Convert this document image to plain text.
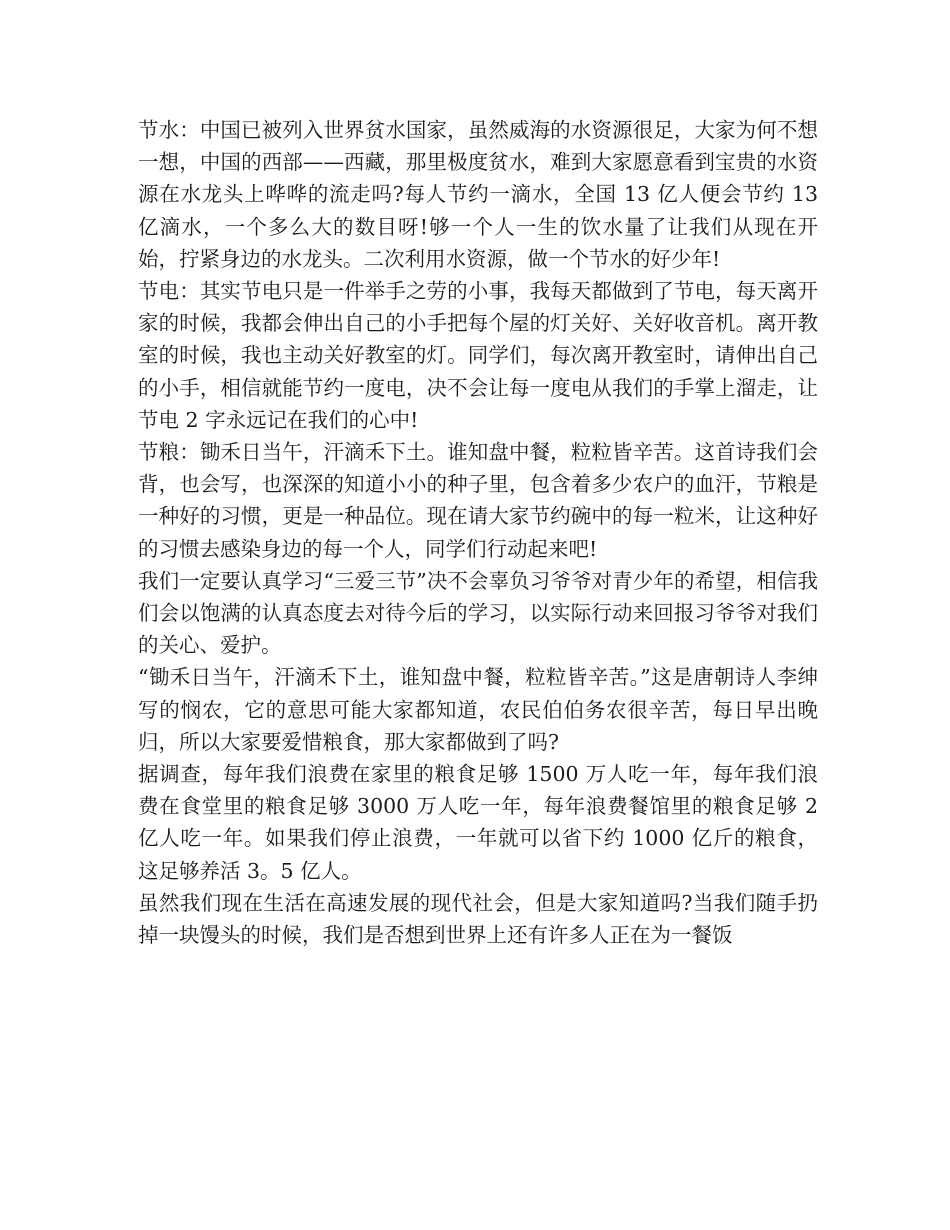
节水：中国已被列入世界贫水国家，虽然威海的水资源很足，大家为何不想一想，中国的西部——西藏，那里极度贫水，难到大家愿意看到宝贵的水资源在水龙头上哗哗的流走吗?每人节约一滴水，全国 13 亿人便会节约 13 亿滴水，一个多么大的数目呀!够一个人一生的饮水量了让我们从现在开始，拧紧身边的水龙头。二次利用水资源，做一个节水的好少年!

节电：其实节电只是一件举手之劳的小事，我每天都做到了节电，每天离开家的时候，我都会伸出自己的小手把每个屋的灯关好、关好收音机。离开教室的时候，我也主动关好教室的灯。同学们，每次离开教室时，请伸出自己的小手，相信就能节约一度电，决不会让每一度电从我们的手掌上溜走，让节电 2 字永远记在我们的心中!

节粮：锄禾日当午，汗滴禾下土。谁知盘中餐，粒粒皆辛苦。这首诗我们会背，也会写，也深深的知道小小的种子里，包含着多少农户的血汗，节粮是一种好的习惯，更是一种品位。现在请大家节约碗中的每一粒米，让这种好的习惯去感染身边的每一个人，同学们行动起来吧!

我们一定要认真学习“三爱三节”决不会辜负习爷爷对青少年的希望，相信我们会以饱满的认真态度去对待今后的学习，以实际行动来回报习爷爷对我们的关心、爱护。

“锄禾日当午，汗滴禾下土，谁知盘中餐，粒粒皆辛苦。”这是唐朝诗人李绅写的悯农，它的意思可能大家都知道，农民伯伯务农很辛苦，每日早出晚归，所以大家要爱惜粮食，那大家都做到了吗?

据调查，每年我们浪费在家里的粮食足够 1500 万人吃一年，每年我们浪费在食堂里的粮食足够 3000 万人吃一年，每年浪费餐馆里的粮食足够 2 亿人吃一年。如果我们停止浪费，一年就可以省下约 1000 亿斤的粮食，这足够养活 3。5 亿人。

虽然我们现在生活在高速发展的现代社会，但是大家知道吗?当我们随手扔掉一块馒头的时候，我们是否想到世界上还有许多人正在为一餐饭
